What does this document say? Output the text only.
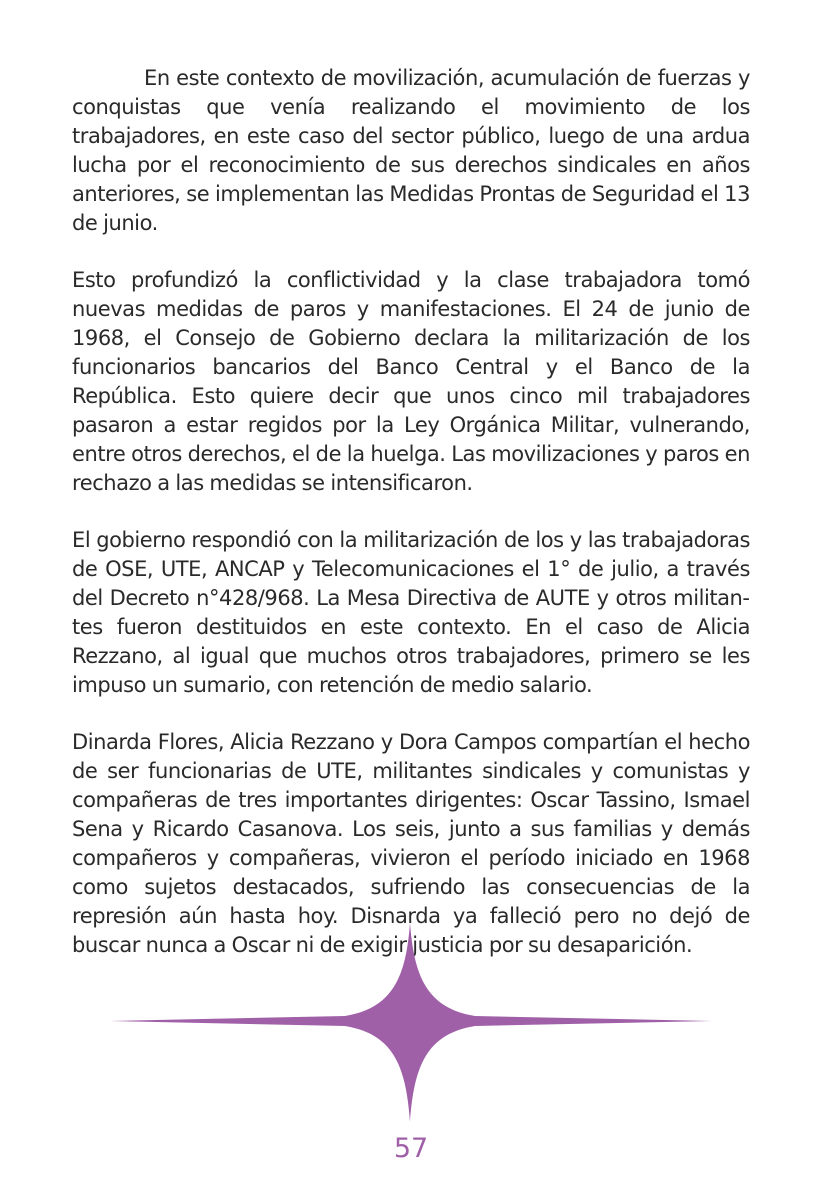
En este contexto de movilización, acumulación de fuerzas y conquistas que venía realizando el movimiento de los trabajadores, en este caso del sector público, luego de una ardua lucha por el reconocimiento de sus derechos sindicales en años anteriores, se implementan las Medidas Prontas de Seguridad el 13 de junio.

Esto profundizó la conflictividad y la clase trabajadora tomó nuevas medidas de paros y manifestaciones. El 24 de junio de 1968, el Consejo de Gobierno declara la militarización de los funcionarios bancarios del Banco Central y el Banco de la República. Esto quiere decir que unos cinco mil trabajadores pasaron a estar regidos por la Ley Orgánica Militar, vulnerando, entre otros derechos, el de la huelga. Las movilizaciones y paros en rechazo a las medidas se intensificaron.

El gobierno respondió con la militarización de los y las trabajadoras de OSE, UTE, ANCAP y Telecomunicaciones el 1° de julio, a través del Decreto n°428/968. La Mesa Directiva de AUTE y otros militantes fueron destituidos en este contexto. En el caso de Alicia Rezzano, al igual que muchos otros trabajadores, primero se les impuso un sumario, con retención de medio salario.

Dinarda Flores, Alicia Rezzano y Dora Campos compartían el hecho de ser funcionarias de UTE, militantes sindicales y comunistas y compañeras de tres importantes dirigentes: Oscar Tassino, Ismael Sena y Ricardo Casanova. Los seis, junto a sus familias y demás compañeros y compañeras, vivieron el período iniciado en 1968 como sujetos destacados, sufriendo las consecuencias de la represión aún hasta hoy. Disnarda ya falleció pero no dejó de buscar nunca a Oscar ni de exigir justicia por su desaparición.

57
